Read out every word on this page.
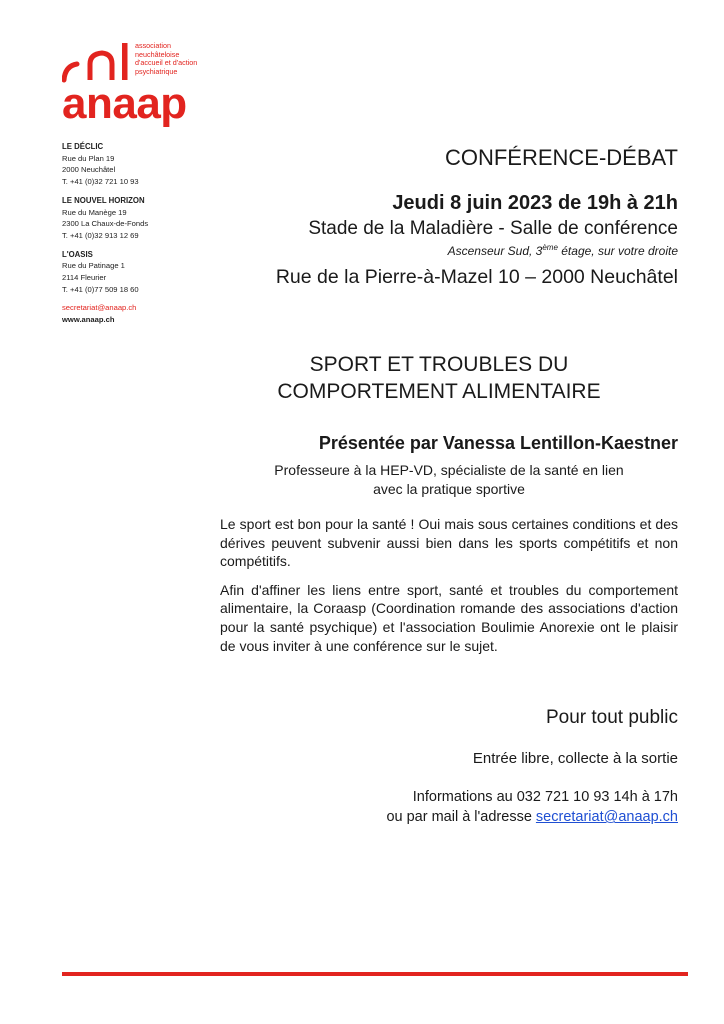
association
neuchâteloise
d'accueil et d'action
psychiatrique
anaap
LE DÉCLIC
Rue du Plan 19
2000 Neuchâtel
T. +41 (0)32 721 10 93
LE NOUVEL HORIZON
Rue du Manège 19
2300 La Chaux-de-Fonds
T. +41 (0)32 913 12 69
L'OASIS
Rue du Patinage 1
2114 Fleurier
T. +41 (0)77 509 18 60
secretariat@anaap.ch
www.anaap.ch
CONFÉRENCE-DÉBAT
Jeudi 8 juin 2023 de 19h à 21h
Stade de la Maladière - Salle de conférence
Ascenseur Sud, 3ème étage, sur votre droite
Rue de la Pierre-à-Mazel 10 – 2000 Neuchâtel
SPORT ET TROUBLES DU
COMPORTEMENT ALIMENTAIRE
Présentée par Vanessa Lentillon-Kaestner
Professeure à la HEP-VD, spécialiste de la santé en lien
avec la pratique sportive
Le sport est bon pour la santé ! Oui mais sous certaines conditions et des dérives peuvent subvenir aussi bien dans les sports compétitifs et non compétitifs.
Afin d'affiner les liens entre sport, santé et troubles du comportement alimentaire, la Coraasp (Coordination romande des associations d'action pour la santé psychique) et l'association Boulimie Anorexie ont le plaisir de vous inviter à une conférence sur le sujet.
Pour tout public
Entrée libre, collecte à la sortie
Informations au 032 721 10 93 14h à 17h
ou par mail à l'adresse secretariat@anaap.ch
